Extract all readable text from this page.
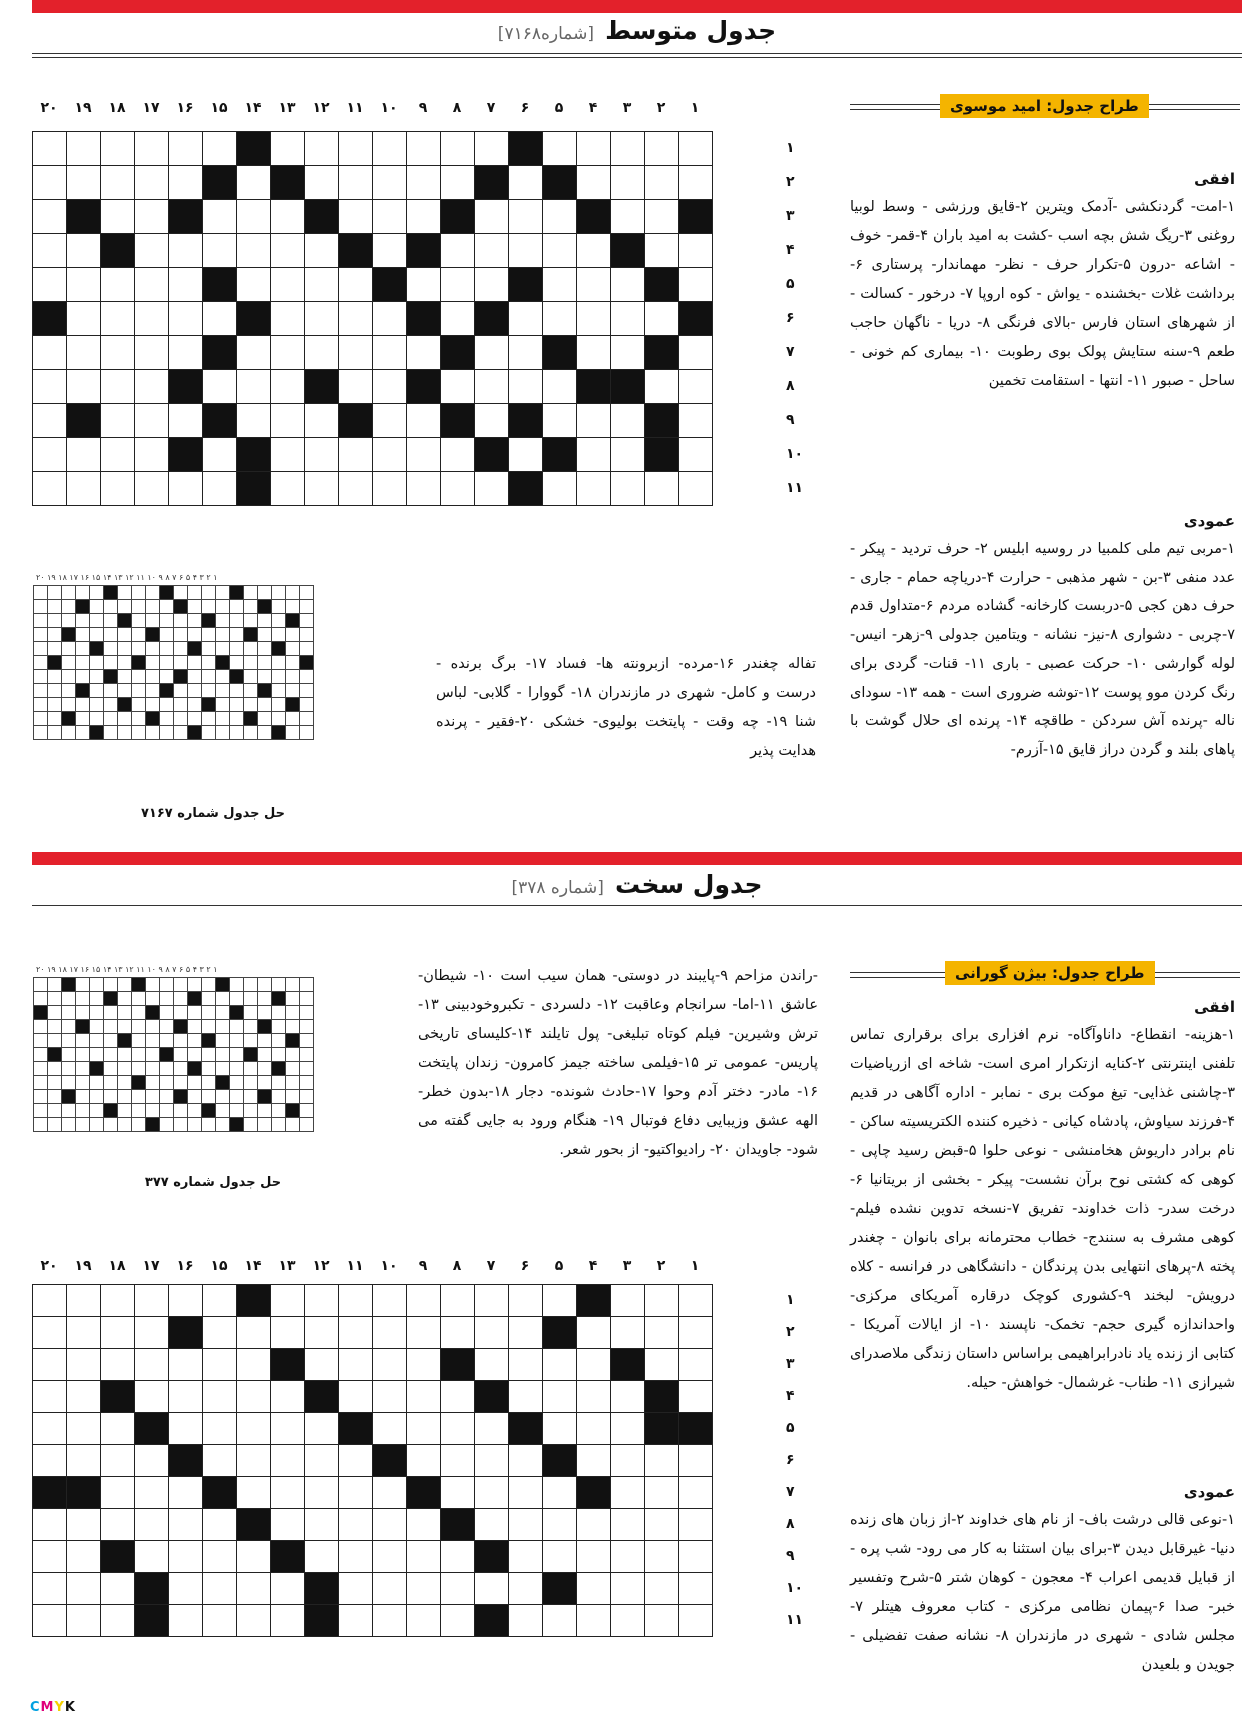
جدول متوسط [شماره۷۱۶۸]
طراح جدول: امید موسوی
افقی
۱-امت- گردنکشی -آدمک ویترین ۲-قایق ورزشی - وسط لوبیا روغنی ۳-ریگ شش بچه اسب -کشت به امید باران ۴-قمر- خوف - اشاعه -درون ۵-تکرار حرف - نظر- مهماندار- پرستاری ۶-برداشت غلات -بخشنده - یواش - کوه اروپا ۷- درخور - کسالت - از شهرهای استان فارس -بالای فرنگی ۸- دریا - ناگهان حاجب طعم ۹-سنه ستایش پولک بوی رطوبت ۱۰- بیماری کم خونی - ساحل - صبور ۱۱- انتها - استقامت تخمین
عمودی
۱-مربی تیم ملی کلمبیا در روسیه ابلیس ۲- حرف تردید - پیکر - عدد منفی ۳-بن - شهر مذهبی - حرارت ۴-دریاچه حمام - جاری - حرف دهن کجی ۵-دربست کارخانه- گشاده مردم ۶-متداول قدم ۷-چربی - دشواری ۸-نیز- نشانه - ویتامین جدولی ۹-زهر- انیس- لوله گوارشی ۱۰- حرکت عصبی - باری ۱۱- قنات- گردی برای رنگ کردن موو پوست ۱۲-توشه ضروری است - همه ۱۳- سودای ناله -پرنده آش سردکن - طاقچه ۱۴- پرنده ای حلال گوشت با پاهای بلند و گردن دراز قایق ۱۵-آزرم-
تفاله چغندر ۱۶-مرده- ازبرونته ها- فساد ۱۷- برگ برنده - درست و کامل- شهری در مازندران ۱۸- گووارا - گلابی- لباس شنا ۱۹- چه وقت - پایتخت بولیوی- خشکی ۲۰-فقیر - پرنده هدایت پذیر
۲۰	۱۹	۱۸	۱۷	۱۶	۱۵	۱۴	۱۳	۱۲	۱۱	۱۰	۹	۸	۷	۶	۵	۴	۳	۲	۱

۱
۲
۳
۴
۵
۶
۷
۸
۹
۱۰
۱۱
۲۰ ۱۹ ۱۸ ۱۷ ۱۶ ۱۵ ۱۴ ۱۳ ۱۲ ۱۱ ۱۰ ۹ ۸ ۷ ۶ ۵ ۴ ۳ ۲ ۱

حل جدول شماره ۷۱۶۷
جدول سخت [شماره ۳۷۸]
طراح جدول: بیژن گورانی
افقی
۱-هزینه- انقطاع- داناوآگاه- نرم افزاری برای برقراری تماس تلفنی اینترنتی ۲-کنایه ازتکرار امری است- شاخه ای ازریاضیات ۳-چاشنی غذایی- تیغ موکت بری - نمابر - اداره آگاهی در قدیم ۴-فرزند سیاوش، پادشاه کیانی - ذخیره کننده الکتریسیته ساکن - نام برادر داریوش هخامنشی - نوعی حلوا ۵-قبض رسید چاپی - کوهی که کشتی نوح برآن نشست- پیکر - بخشی از بریتانیا ۶- درخت سدر- ذات خداوند- تفریق ۷-نسخه تدوین نشده فیلم- کوهی مشرف به سنندج- خطاب محترمانه برای بانوان - چغندر پخته ۸-پرهای انتهایی بدن پرندگان - دانشگاهی در فرانسه - کلاه درویش- لبخند ۹-کشوری کوچک درقاره آمریکای مرکزی- واحداندازه گیری حجم- تخمک- ناپسند ۱۰- از ایالات آمریکا - کتابی از زنده یاد نادرابراهیمی براساس داستان زندگی ملاصدرای شیرازی ۱۱- طناب- غرشمال- خواهش- حیله.
عمودی
۱-نوعی قالی درشت باف- از نام های خداوند ۲-از زبان های زنده دنیا- غیرقابل دیدن ۳-برای بیان استثنا به کار می رود- شب پره - از قبایل قدیمی اعراب ۴- معجون - کوهان شتر ۵-شرح وتفسیر خبر- صدا ۶-پیمان نظامی مرکزی - کتاب معروف هیتلر ۷- مجلس شادی - شهری در مازندران ۸- نشانه صفت تفضیلی - جویدن و بلعیدن
-راندن مزاحم ۹-پایبند در دوستی- همان سیب است ۱۰- شیطان- عاشق ۱۱-اما- سرانجام وعاقبت ۱۲- دلسردی - تکبروخودبینی ۱۳- ترش وشیرین- فیلم کوتاه تبلیغی- پول تایلند ۱۴-کلیسای تاریخی پاریس- عمومی تر ۱۵-فیلمی ساخته جیمز کامرون- زندان پایتخت ۱۶- مادر- دختر آدم وحوا ۱۷-حادث شونده- دجار ۱۸-بدون خطر- الهه عشق وزیبایی دفاع فوتبال ۱۹- هنگام ورود به جایی گفته می شود- جاویدان ۲۰- رادیواکتیو- از بحور شعر.
۲۰ ۱۹ ۱۸ ۱۷ ۱۶ ۱۵ ۱۴ ۱۳ ۱۲ ۱۱ ۱۰ ۹ ۸ ۷ ۶ ۵ ۴ ۳ ۲ ۱

حل جدول شماره ۳۷۷
۲۰	۱۹	۱۸	۱۷	۱۶	۱۵	۱۴	۱۳	۱۲	۱۱	۱۰	۹	۸	۷	۶	۵	۴	۳	۲	۱

۱
۲
۳
۴
۵
۶
۷
۸
۹
۱۰
۱۱
CMYK
